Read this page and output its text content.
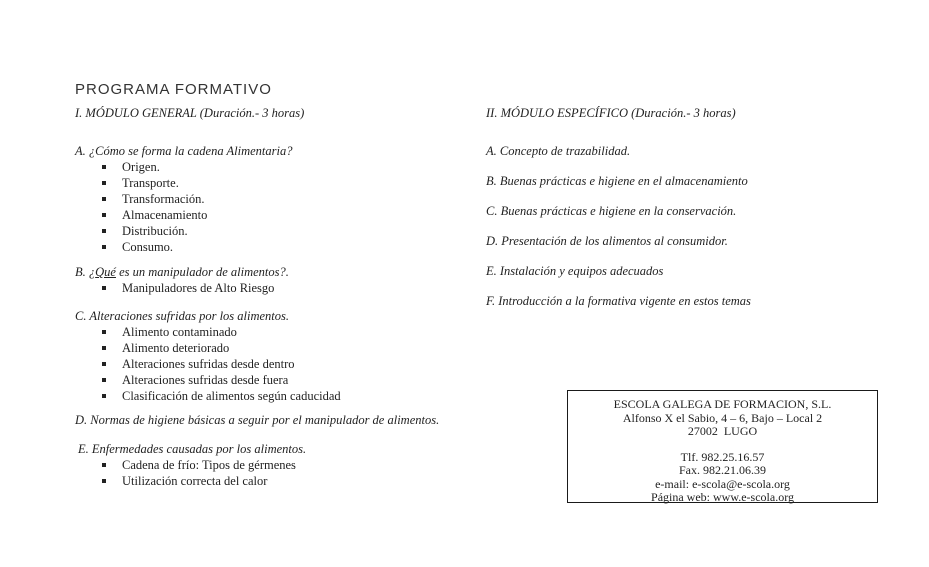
PROGRAMA FORMATIVO

I. MÓDULO GENERAL (Duración.- 3 horas)

A. ¿Cómo se forma la cadena Alimentaria?

Origen.
Transporte.
Transformación.
Almacenamiento
Distribución.
Consumo.

B. ¿Qué es un manipulador de alimentos?.

Manipuladores de Alto Riesgo

C. Alteraciones sufridas por los alimentos.

Alimento contaminado
Alimento deteriorado
Alteraciones sufridas desde dentro
Alteraciones sufridas desde fuera
Clasificación de alimentos según caducidad

D. Normas de higiene básicas a seguir por el manipulador de alimentos.

E. Enfermedades causadas por los alimentos.

Cadena de frío: Tipos de gérmenes
Utilización correcta del calor

II. MÓDULO ESPECÍFICO (Duración.- 3 horas)

A. Concepto de trazabilidad.

B. Buenas prácticas e higiene en el almacenamiento

C. Buenas prácticas e higiene en la conservación.

D. Presentación de los alimentos al consumidor.

E. Instalación y equipos adecuados

F. Introducción a la formativa vigente en estos temas

ESCOLA GALEGA DE FORMACION, S.L.
Alfonso X el Sabio, 4 – 6, Bajo – Local 2
27002  LUGO
Tlf. 982.25.16.57
Fax. 982.21.06.39
e-mail: e-scola@e-scola.org
Página web: www.e-scola.org
